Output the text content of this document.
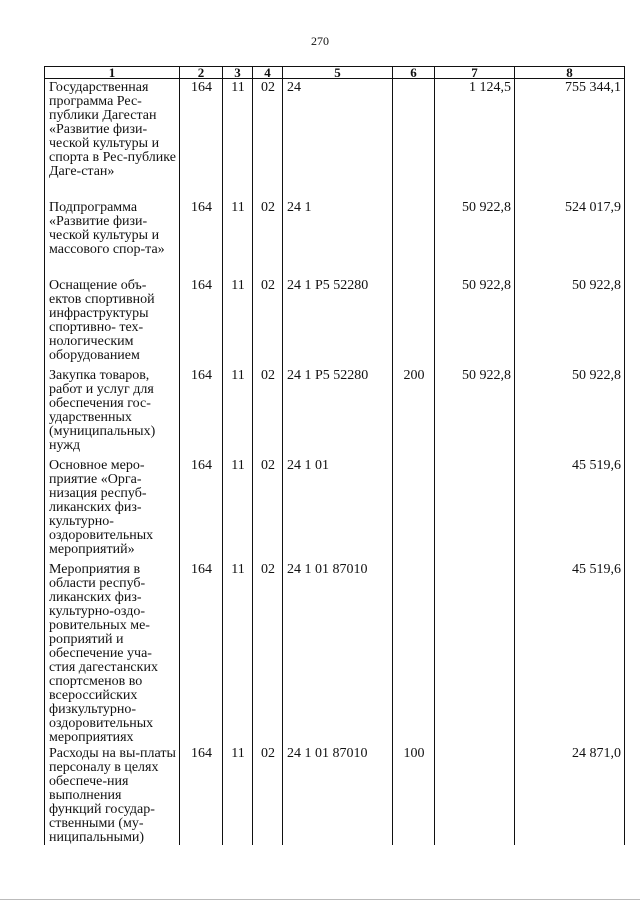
270
1	2	3	4	5	6	7	8
Государственная программа Рес-публики Дагестан «Развитие физи-ческой культуры и спорта в Рес-публике Даге-стан»	164	11	02	24		1 124,5	755 344,1
Подпрограмма «Развитие физи-ческой культуры и массового спор-та»	164	11	02	24 1		50 922,8	524 017,9
Оснащение объ-ектов спортивной инфраструктуры спортивно- тех-нологическим оборудованием	164	11	02	24 1 P5 52280		50 922,8	50 922,8
Закупка товаров, работ и услуг для обеспечения гос-ударственных (муниципальных) нужд	164	11	02	24 1 P5 52280	200	50 922,8	50 922,8
Основное меро-приятие «Орга-низация респуб-ликанских физ-культурно-оздоровительных мероприятий»	164	11	02	24 1 01			45 519,6
Мероприятия в области респуб-ликанских физ-культурно-оздо-ровительных ме-роприятий и обеспечение уча-стия дагестанских спортсменов во всероссийских физкультурно-оздоровительных мероприятиях	164	11	02	24 1 01 87010			45 519,6
Расходы на вы-платы персоналу в целях обеспече-ния выполнения функций государ-ственными (му-ниципальными)	164	11	02	24 1 01 87010	100		24 871,0
